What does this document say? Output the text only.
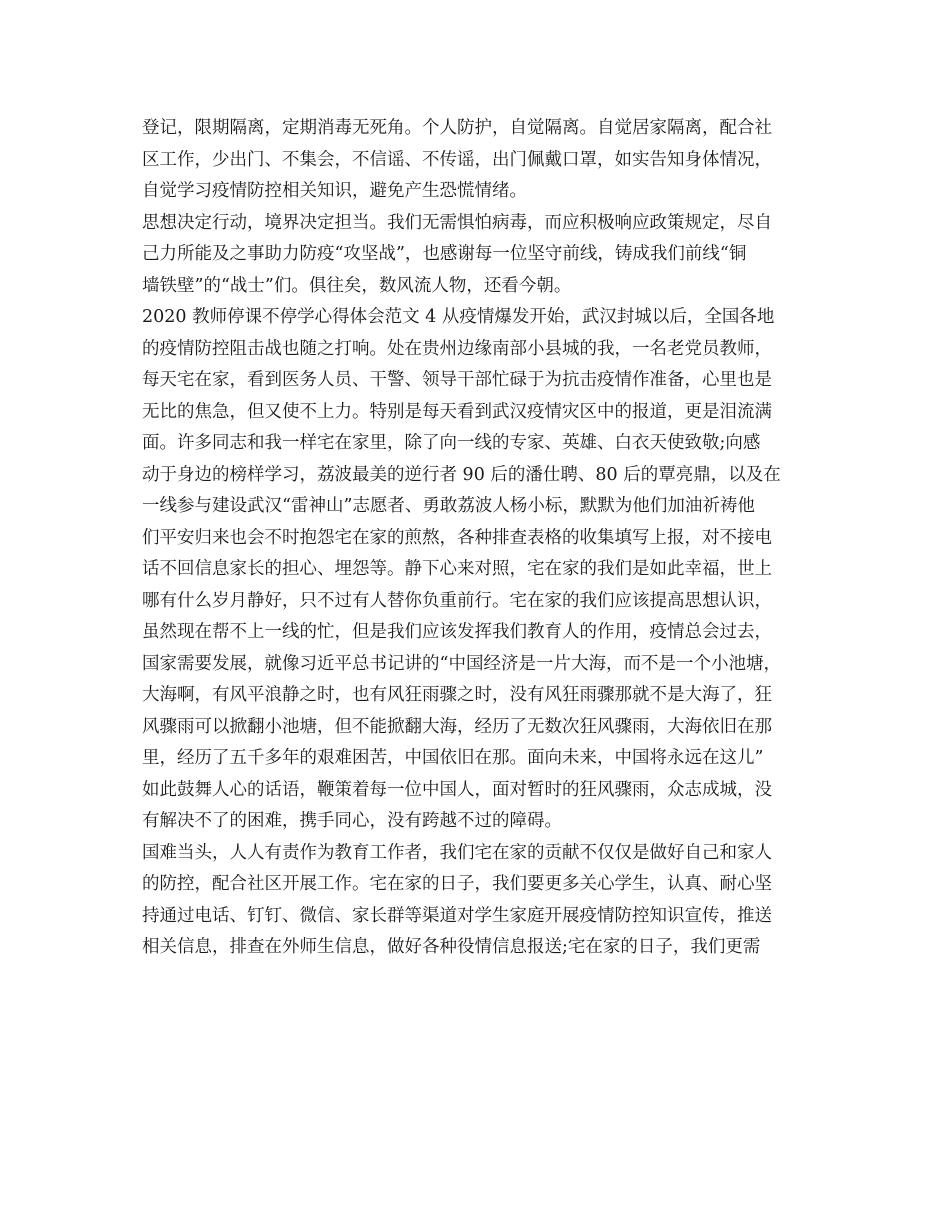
登记，限期隔离，定期消毒无死角。个人防护，自觉隔离。自觉居家隔离，配合社
区工作，少出门、不集会，不信谣、不传谣，出门佩戴口罩，如实告知身体情况，
自觉学习疫情防控相关知识，避免产生恐慌情绪。
思想决定行动，境界决定担当。我们无需惧怕病毒，而应积极响应政策规定，尽自
己力所能及之事助力防疫“攻坚战”，也感谢每一位坚守前线，铸成我们前线“铜
墙铁壁”的“战士”们。俱往矣，数风流人物，还看今朝。
2020 教师停课不停学心得体会范文 4 从疫情爆发开始，武汉封城以后，全国各地
的疫情防控阻击战也随之打响。处在贵州边缘南部小县城的我，一名老党员教师，
每天宅在家，看到医务人员、干警、领导干部忙碌于为抗击疫情作准备，心里也是
无比的焦急，但又使不上力。特别是每天看到武汉疫情灾区中的报道，更是泪流满
面。许多同志和我一样宅在家里，除了向一线的专家、英雄、白衣天使致敬;向感
动于身边的榜样学习，荔波最美的逆行者 90 后的潘仕聘、80 后的覃亮鼎，以及在
一线参与建设武汉“雷神山”志愿者、勇敢荔波人杨小标，默默为他们加油祈祷他
们平安归来也会不时抱怨宅在家的煎熬，各种排查表格的收集填写上报，对不接电
话不回信息家长的担心、埋怨等。静下心来对照，宅在家的我们是如此幸福，世上
哪有什么岁月静好，只不过有人替你负重前行。宅在家的我们应该提高思想认识，
虽然现在帮不上一线的忙，但是我们应该发挥我们教育人的作用，疫情总会过去，
国家需要发展，就像习近平总书记讲的“中国经济是一片大海，而不是一个小池塘，
大海啊，有风平浪静之时，也有风狂雨骤之时，没有风狂雨骤那就不是大海了，狂
风骤雨可以掀翻小池塘，但不能掀翻大海，经历了无数次狂风骤雨，大海依旧在那
里，经历了五千多年的艰难困苦，中国依旧在那。面向未来，中国将永远在这儿”
如此鼓舞人心的话语，鞭策着每一位中国人，面对暂时的狂风骤雨，众志成城，没
有解决不了的困难，携手同心，没有跨越不过的障碍。
国难当头，人人有责作为教育工作者，我们宅在家的贡献不仅仅是做好自己和家人
的防控，配合社区开展工作。宅在家的日子，我们要更多关心学生，认真、耐心坚
持通过电话、钉钉、微信、家长群等渠道对学生家庭开展疫情防控知识宣传，推送
相关信息，排查在外师生信息，做好各种役情信息报送;宅在家的日子，我们更需
